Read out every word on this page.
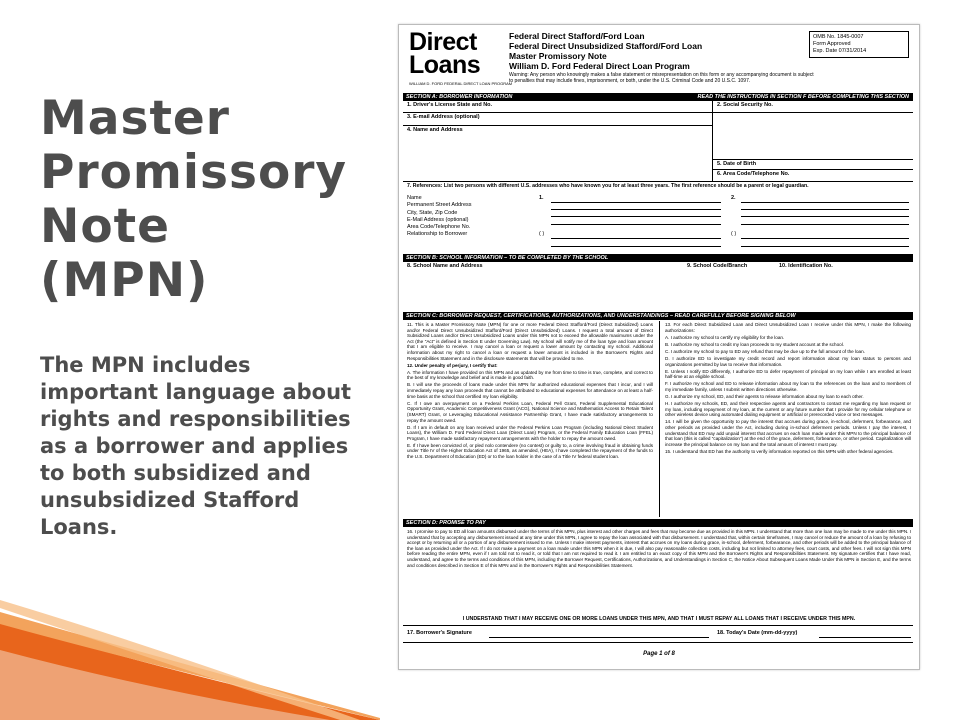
Master
Promissory
Note
(MPN)

The MPN includes important language about rights and responsibilities as a borrower and applies to both subsidized and unsubsidized Stafford Loans.

Direct
Loans
WILLIAM D. FORD FEDERAL DIRECT LOAN PROGRAM
Federal Direct Stafford/Ford Loan
Federal Direct Unsubsidized Stafford/Ford Loan
Master Promissory Note
William D. Ford Federal Direct Loan Program
Warning: Any person who knowingly makes a false statement or misrepresentation on this form or any accompanying document is subject to penalties that may include fines, imprisonment, or both, under the U.S. Criminal Code and 20 U.S.C. 1097.
OMB No. 1845-0007
Form Approved
Exp. Date 07/31/2014
SECTION A: BORROWER INFORMATION	READ THE INSTRUCTIONS IN SECTION F BEFORE COMPLETING THIS SECTION
1. Driver's License State and No.	2. Social Security No.
3. E-mail Address (optional)
4. Name and Address
5. Date of Birth
6. Area Code/Telephone No.
7. References: List two persons with different U.S. addresses who have known you for at least three years. The first reference should be a parent or legal guardian.
Name
Permanent Street Address
City, State, Zip Code
E-Mail Address (optional)
Area Code/Telephone No.
Relationship to Borrower
1.	2.
( )	( )
SECTION B: SCHOOL INFORMATION – TO BE COMPLETED BY THE SCHOOL
8. School Name and Address	9. School Code/Branch	10. Identification No.
SECTION C: BORROWER REQUEST, CERTIFICATIONS, AUTHORIZATIONS, AND UNDERSTANDINGS – READ CAREFULLY BEFORE SIGNING BELOW

11. This is a Master Promissory Note (MPN) for one or more Federal Direct Stafford/Ford (Direct Subsidized) Loans and/or Federal Direct Unsubsidized Stafford/Ford (Direct Unsubsidized) Loans. I request a total amount of Direct Subsidized Loans and/or Direct Unsubsidized Loans under this MPN not to exceed the allowable maximums under the Act (the "Act" is defined in Section E under Governing Law). My school will notify me of the loan type and loan amount that I am eligible to receive. I may cancel a loan or request a lower amount by contacting my school. Additional information about my right to cancel a loan or request a lower amount is included in the Borrower's Rights and Responsibilities Statement and in the disclosure statements that will be provided to me.

12. Under penalty of perjury, I certify that:

A. The information I have provided on this MPN and as updated by me from time to time is true, complete, and correct to the best of my knowledge and belief and is made in good faith.

B. I will use the proceeds of loans made under this MPN for authorized educational expenses that I incur, and I will immediately repay any loan proceeds that cannot be attributed to educational expenses for attendance on at least a half-time basis at the school that certified my loan eligibility.

C. If I owe an overpayment on a Federal Perkins Loan, Federal Pell Grant, Federal Supplemental Educational Opportunity Grant, Academic Competitiveness Grant (ACG), National Science and Mathematics Access to Retain Talent (SMART) Grant, or Leveraging Educational Assistance Partnership Grant, I have made satisfactory arrangements to repay the amount owed.

D. If I am in default on any loan received under the Federal Perkins Loan Program (including National Direct Student Loans), the William D. Ford Federal Direct Loan (Direct Loan) Program, or the Federal Family Education Loan (FFEL) Program, I have made satisfactory repayment arrangements with the holder to repay the amount owed.

E. If I have been convicted of, or pled nolo contendere (no contest) or guilty to, a crime involving fraud in obtaining funds under Title IV of the Higher Education Act of 1965, as amended, (HEA), I have completed the repayment of the funds to the U.S. Department of Education (ED) or to the loan holder in the case of a Title IV federal student loan.

13. For each Direct Subsidized Loan and Direct Unsubsidized Loan I receive under this MPN, I make the following authorizations:

A. I authorize my school to certify my eligibility for the loan.

B. I authorize my school to credit my loan proceeds to my student account at the school.

C. I authorize my school to pay to ED any refund that may be due up to the full amount of the loan.

D. I authorize ED to investigate my credit record and report information about my loan status to persons and organizations permitted by law to receive that information.

E. Unless I notify ED differently, I authorize ED to defer repayment of principal on my loan while I am enrolled at least half-time at an eligible school.

F. I authorize my school and ED to release information about my loan to the references on the loan and to members of my immediate family, unless I submit written directions otherwise.

G. I authorize my school, ED, and their agents to release information about my loan to each other.

H. I authorize my schools, ED, and their respective agents and contractors to contact me regarding my loan request or my loan, including repayment of my loan, at the current or any future number that I provide for my cellular telephone or other wireless device using automated dialing equipment or artificial or prerecorded voice or text messages.

14. I will be given the opportunity to pay the interest that accrues during grace, in-school, deferment, forbearance, and other periods as provided under the Act, including during in-school deferment periods. Unless I pay the interest, I understand that ED may add unpaid interest that accrues on each loan made under this MPN to the principal balance of that loan (this is called "capitalization") at the end of the grace, deferment, forbearance, or other period. Capitalization will increase the principal balance on my loan and the total amount of interest I must pay.

15. I understand that ED has the authority to verify information reported on this MPN with other federal agencies.

SECTION D: PROMISE TO PAY
16. I promise to pay to ED all loan amounts disbursed under the terms of this MPN, plus interest and other charges and fees that may become due as provided in this MPN. I understand that more than one loan may be made to me under this MPN. I understand that by accepting any disbursement issued at any time under this MPN, I agree to repay the loan associated with that disbursement. I understand that, within certain timeframes, I may cancel or reduce the amount of a loan by refusing to accept or by returning all or a portion of any disbursement issued to me. Unless I make interest payments, interest that accrues on my loans during grace, in-school, deferment, forbearance, and other periods will be added to the principal balance of the loan as provided under the Act. If I do not make a payment on a loan made under this MPN when it is due, I will also pay reasonable collection costs, including but not limited to attorney fees, court costs, and other fees. I will not sign this MPN before reading the entire MPN, even if I am told not to read it, or told that I am not required to read it. I am entitled to an exact copy of this MPN and the Borrower's Rights and Responsibilities Statement. My signature certifies that I have read, understand, and agree to the terms and conditions of this MPN, including the Borrower Request, Certifications, Authorizations, and Understandings in Section C, the Notice About Subsequent Loans Made Under this MPN in Section E, and the terms and conditions described in Section E of this MPN and in the Borrower's Rights and Responsibilities Statement.
I UNDERSTAND THAT I MAY RECEIVE ONE OR MORE LOANS UNDER THIS MPN, AND THAT I MUST REPAY ALL LOANS THAT I RECEIVE UNDER THIS MPN.
17. Borrower's Signature	18. Today's Date (mm-dd-yyyy)
Page 1 of 8
